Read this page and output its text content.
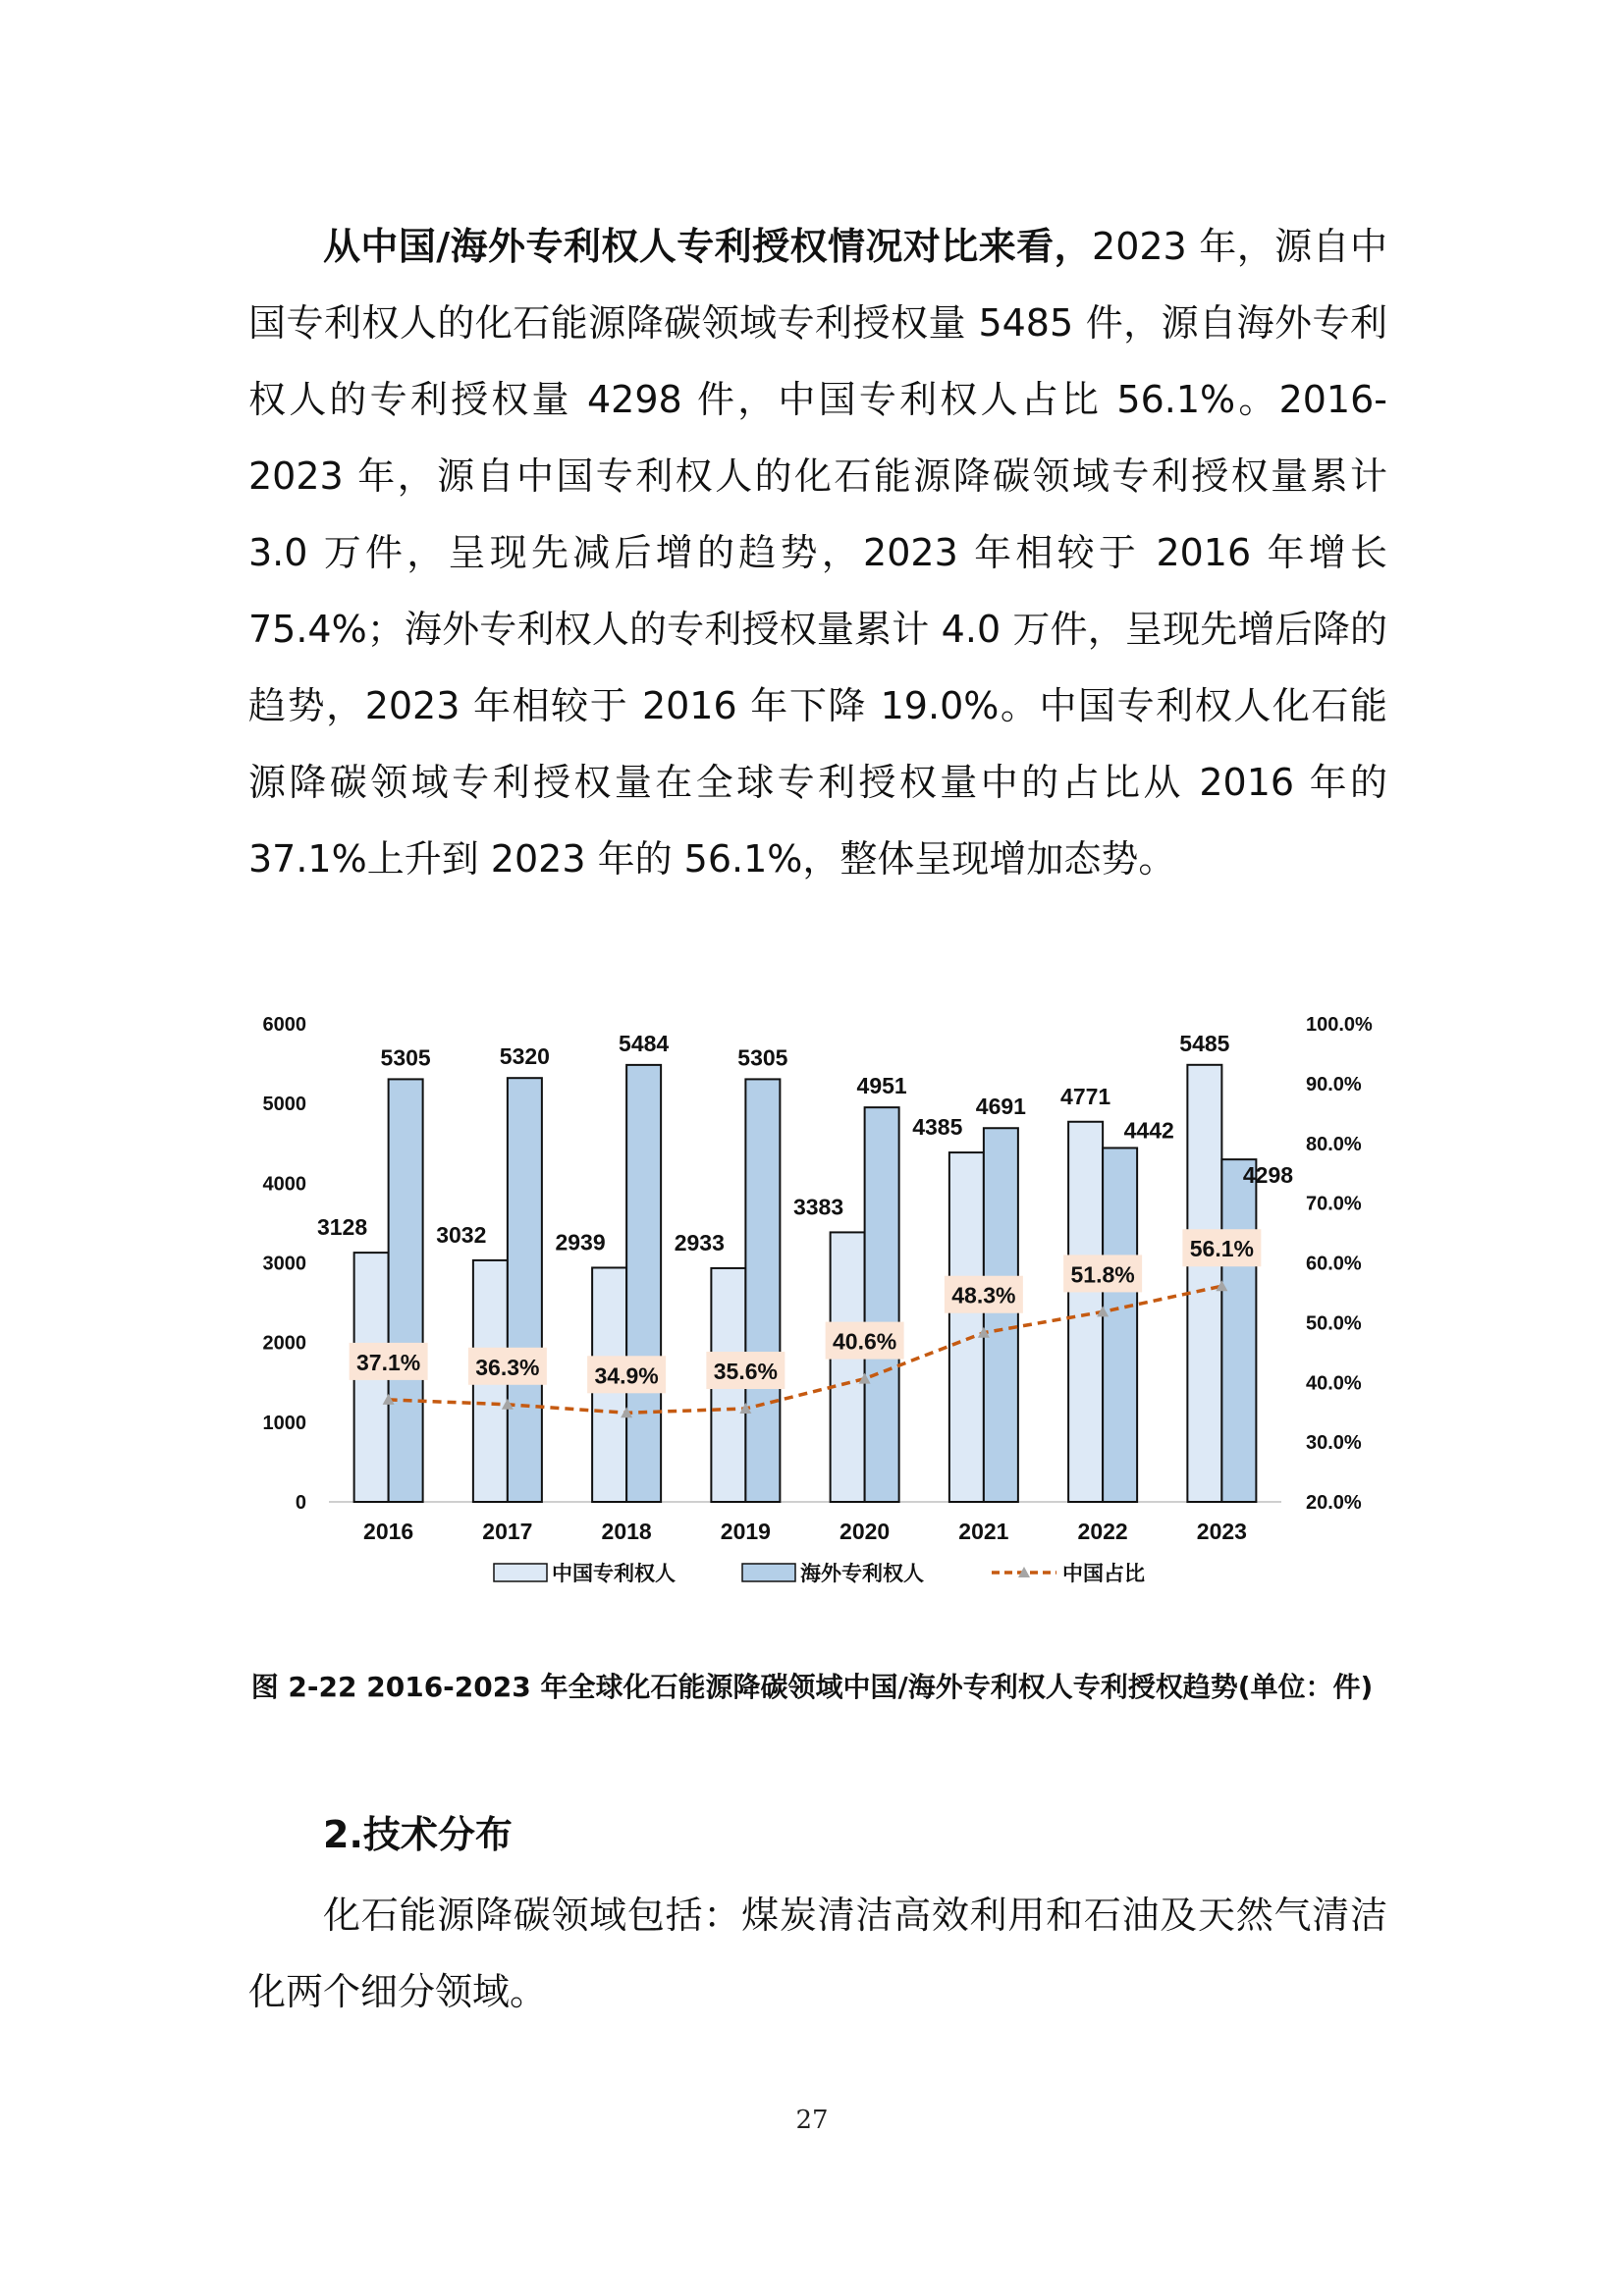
从中国/海外专利权人专利授权情况对比来看，2023 年，源自中国专利权人的化石能源降碳领域专利授权量 5485 件，源自海外专利权人的专利授权量 4298 件，中国专利权人占比 56.1%。2016-2023 年，源自中国专利权人的化石能源降碳领域专利授权量累计 3.0 万件，呈现先减后增的趋势，2023 年相较于 2016 年增长 75.4%；海外专利权人的专利授权量累计 4.0 万件，呈现先增后降的趋势，2023 年相较于 2016 年下降 19.0%。中国专利权人化石能源降碳领域专利授权量在全球专利授权量中的占比从 2016 年的 37.1%上升到 2023 年的 56.1%，整体呈现增加态势。
0
1000
2000
3000
4000
5000
6000
20.0%
30.0%
40.0%
50.0%
60.0%
70.0%
80.0%
90.0%
100.0%
2016	2017	2018	2019	2020	2021	2022	2023
3128
5305
3032
5320
2939
5484
2933
5305
3383
4951
4385
4691 4771
4442
5485
4298
37.1% 36.3% 34.9% 35.6%
40.6%
48.3%
51.8%
56.1%
中国专利权人	海外专利权人	中国占比
图 2-22 2016-2023 年全球化石能源降碳领域中国/海外专利权人专利授权趋势(单位：件)
2.技术分布
化石能源降碳领域包括：煤炭清洁高效利用和石油及天然气清洁化两个细分领域。
27
